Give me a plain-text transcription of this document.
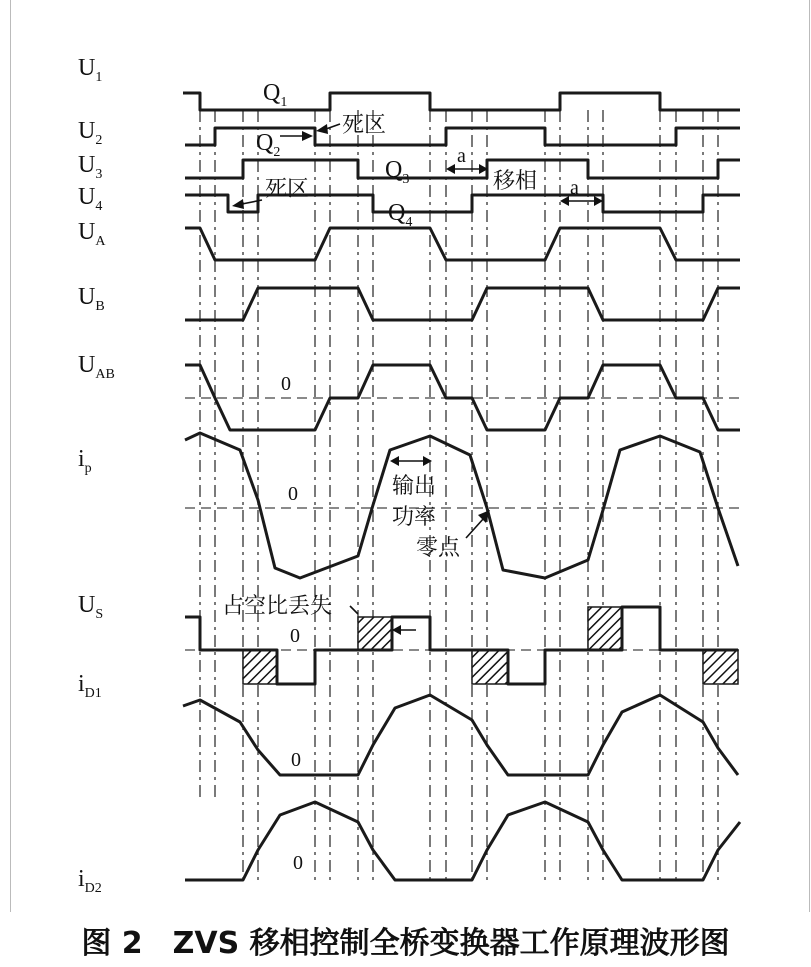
$U_1$
$U_2$
$U_3$
$U_4$
$U_A$
$U_B$
$U_{AB}$
$i_p$
$U_S$
$i_{D1}$
$i_{D2}$
$Q_1$
$Q_2$
$Q_3$
$Q_4$
死区
死区
a
移相 a
输出
功率
零点
占空比丢失
0
0
0
0
0
图 2　ZVS 移相控制全桥变换器工作原理波形图
